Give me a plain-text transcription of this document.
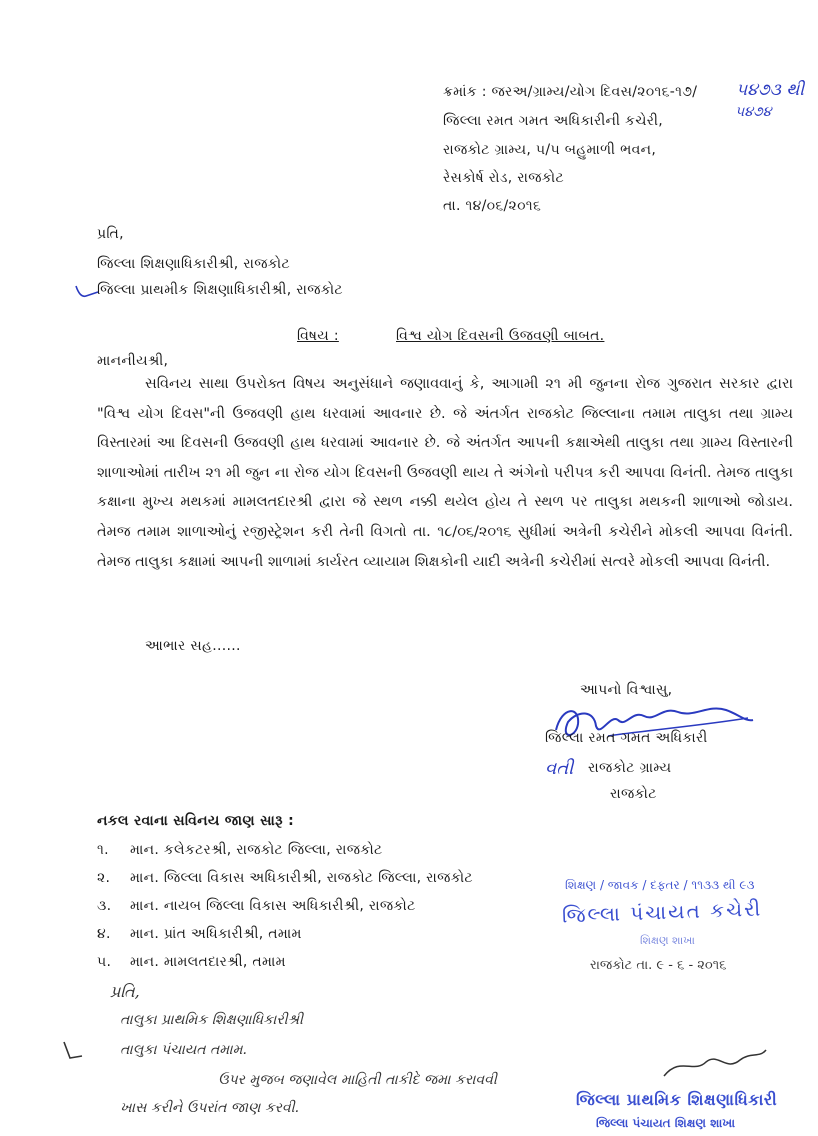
ક્રમાંક : જરઅ/ગ્રામ્ય/યોગ દિવસ/૨૦૧૬-૧૭/ ૫૪૭૩ થી
૫૪૭૪
જિલ્લા રમત ગમત અધિકારીની કચેરી,
રાજકોટ ગ્રામ્ય, ૫/૫ બહુમાળી ભવન,
રેસકોર્ષ રોડ, રાજકોટ
તા. ૧૪/૦૬/૨૦૧૬
પ્રતિ,
જિલ્લા શિક્ષણાધિકારીશ્રી, રાજકોટ
જિલ્લા પ્રાથમીક શિક્ષણાધિકારીશ્રી, રાજકોટ
વિષય :	વિશ્વ યોગ દિવસની ઉજવણી બાબત.
માનનીયશ્રી,
સવિનય સાથા ઉપરોક્ત વિષય અનુસંધાને જણાવવાનું કે, આગામી ૨૧ મી જુનના રોજ ગુજરાત સરકાર દ્વારા "વિશ્વ યોગ દિવસ"ની ઉજવણી હાથ ધરવામાં આવનાર છે. જે અંતર્ગત રાજકોટ જિલ્લાના તમામ તાલુકા તથા ગ્રામ્ય વિસ્તારમાં આ દિવસની ઉજવણી હાથ ધરવામાં આવનાર છે. જે અંતર્ગત આપની કક્ષાએથી તાલુકા તથા ગ્રામ્ય વિસ્તારની શાળાઓમાં તારીખ ૨૧ મી જુન ના રોજ યોગ દિવસની ઉજવણી થાય તે અંગેનો પરીપત્ર કરી આપવા વિનંતી. તેમજ તાલુકા કક્ષાના મુખ્ય મથકમાં મામલતદારશ્રી દ્વારા જે સ્થળ નક્કી થયેલ હોય તે સ્થળ પર તાલુકા મથકની શાળાઓ જોડાય. તેમજ તમામ શાળાઓનું રજીસ્ટ્રેશન કરી તેની વિગતો તા. ૧૮/૦૬/૨૦૧૬ સુધીમાં અત્રેની કચેરીને મોકલી આપવા વિનંતી. તેમજ તાલુકા કક્ષામાં આપની શાળામાં કાર્યરત વ્યાયામ શિક્ષકોની યાદી અત્રેની કચેરીમાં સત્વરે મોકલી આપવા વિનંતી.
આભાર સહ......
આપનો વિશ્વાસુ,
જિલ્લા રમત ગમત અધિકારી
વતી રાજકોટ ગ્રામ્ય
રાજકોટ
નકલ રવાના સવિનય જાણ સારૂ :
૧. માન. કલેકટરશ્રી, રાજકોટ જિલ્લા, રાજકોટ
૨. માન. જિલ્લા વિકાસ અધિકારીશ્રી, રાજકોટ જિલ્લા, રાજકોટ
૩. માન. નાયબ જિલ્લા વિકાસ અધિકારીશ્રી, રાજકોટ
૪. માન. પ્રાંત અધિકારીશ્રી, તમામ
૫. માન. મામલતદારશ્રી, તમામ
શિક્ષણ / જાવક / દફતર / ૧૧૩૩ થી ૯૩
જિલ્લા પંચાયત કચેરી
શિક્ષણ શાખા
રાજકોટ તા. ૯ - ૬ - ૨૦૧૬
પ્રતિ,
તાલુકા પ્રાથમિક શિક્ષણાધિકારીશ્રી
તાલુકા પંચાયત તમામ.
ઉપર મુજબ જણાવેલ માહિતી તાકીદે જમા કરાવવી
ખાસ કરીને ઉપરાંત જાણ કરવી.	જિલ્લા પ્રાથમિક શિક્ષણાધિકારી
જિલ્લા પંચાયત શિક્ષણ શાખા
